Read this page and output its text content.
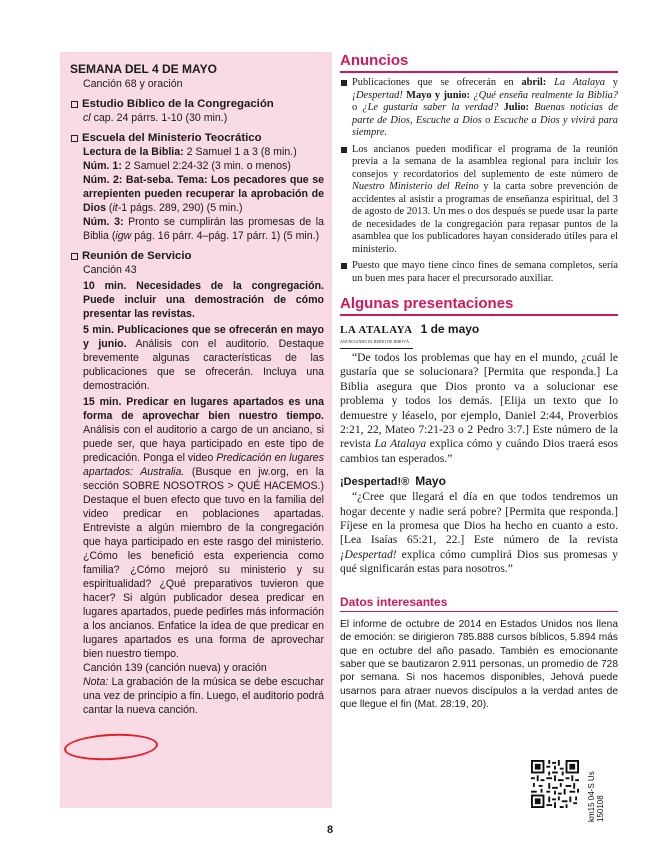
SEMANA DEL 4 DE MAYO
Canción 68 y oración
Estudio Bíblico de la Congregación
cl cap. 24 párrs. 1-10 (30 min.)
Escuela del Ministerio Teocrático
Lectura de la Biblia: 2 Samuel 1 a 3 (8 min.)
Núm. 1: 2 Samuel 2:24-32 (3 min. o menos)
Núm. 2: Bat-seba. Tema: Los pecadores que se arrepienten pueden recuperar la aprobación de Dios (it-1 págs. 289, 290) (5 min.)
Núm. 3: Pronto se cumplirán las promesas de la Biblia (igw pág. 16 párr. 4–pág. 17 párr. 1) (5 min.)
Reunión de Servicio
Canción 43
10 min. Necesidades de la congregación. Puede incluir una demostración de cómo presentar las revistas.
5 min. Publicaciones que se ofrecerán en mayo y junio. Análisis con el auditorio. Destaque brevemente algunas características de las publicaciones que se ofrecerán. Incluya una demostración.
15 min. Predicar en lugares apartados es una forma de aprovechar bien nuestro tiempo. Análisis con el auditorio a cargo de un anciano, si puede ser, que haya participado en este tipo de predicación. Ponga el video Predicación en lugares apartados: Australia. (Busque en jw.org, en la sección SOBRE NOSOTROS > QUÉ HACEMOS.) Destaque el buen efecto que tuvo en la familia del video predicar en poblaciones apartadas. Entreviste a algún miembro de la congregación que haya participado en este rasgo del ministerio. ¿Cómo les benefició esta experiencia como familia? ¿Cómo mejoró su ministerio y su espiritualidad? ¿Qué preparativos tuvieron que hacer? Si algún publicador desea predicar en lugares apartados, puede pedirles más información a los ancianos. Enfatice la idea de que predicar en lugares apartados es una forma de aprovechar bien nuestro tiempo.
Canción 139 (canción nueva) y oración
Nota: La grabación de la música se debe escuchar una vez de principio a fin. Luego, el auditorio podrá cantar la nueva canción.
Anuncios
Publicaciones que se ofrecerán en abril: La Atalaya y ¡Despertad! Mayo y junio: ¿Qué enseña realmente la Biblia? o ¿Le gustaría saber la verdad? Julio: Buenas noticias de parte de Dios, Escuche a Dios o Escuche a Dios y vivirá para siempre.
Los ancianos pueden modificar el programa de la reunión previa a la semana de la asamblea regional para incluir los consejos y recordatorios del suplemento de este número de Nuestro Ministerio del Reino y la carta sobre prevención de accidentes al asistir a programas de enseñanza espiritual, del 3 de agosto de 2013. Un mes o dos después se puede usar la parte de necesidades de la congregación para repasar puntos de la asamblea que los publicadores hayan considerado útiles para el ministerio.
Puesto que mayo tiene cinco fines de semana completos, sería un buen mes para hacer el precursorado auxiliar.
Algunas presentaciones
LA ATALAYA
ANUNCIANDO EL REINO DE JEHOVÁ
1 de mayo

“De todos los problemas que hay en el mundo, ¿cuál le gustaría que se solucionara? [Permita que responda.] La Biblia asegura que Dios pronto va a solucionar ese problema y todos los demás. [Elija un texto que lo demuestre y léaselo, por ejemplo, Daniel 2:44, Proverbios 2:21, 22, Mateo 7:21-23 o 2 Pedro 3:7.] Este número de la revista La Atalaya explica cómo y cuándo Dios traerá esos cambios tan esperados.”

¡Despertad!® Mayo

“¿Cree que llegará el día en que todos tendremos un hogar decente y nadie será pobre? [Permita que responda.] Fíjese en la promesa que Dios ha hecho en cuanto a esto. [Lea Isaías 65:21, 22.] Este número de la revista ¡Despertad! explica cómo cumplirá Dios sus promesas y qué significarán estas para nosotros.”

Datos interesantes
El informe de octubre de 2014 en Estados Unidos nos llena de emoción: se dirigieron 785.888 cursos bíblicos, 5.894 más que en octubre del año pasado. También es emocionante saber que se bautizaron 2.911 personas, un promedio de 728 por semana. Si nos hacemos disponibles, Jehová puede usarnos para atraer nuevos discípulos a la verdad antes de que llegue el fin (Mat. 28:19, 20).
km15 04-S Us150108
8
